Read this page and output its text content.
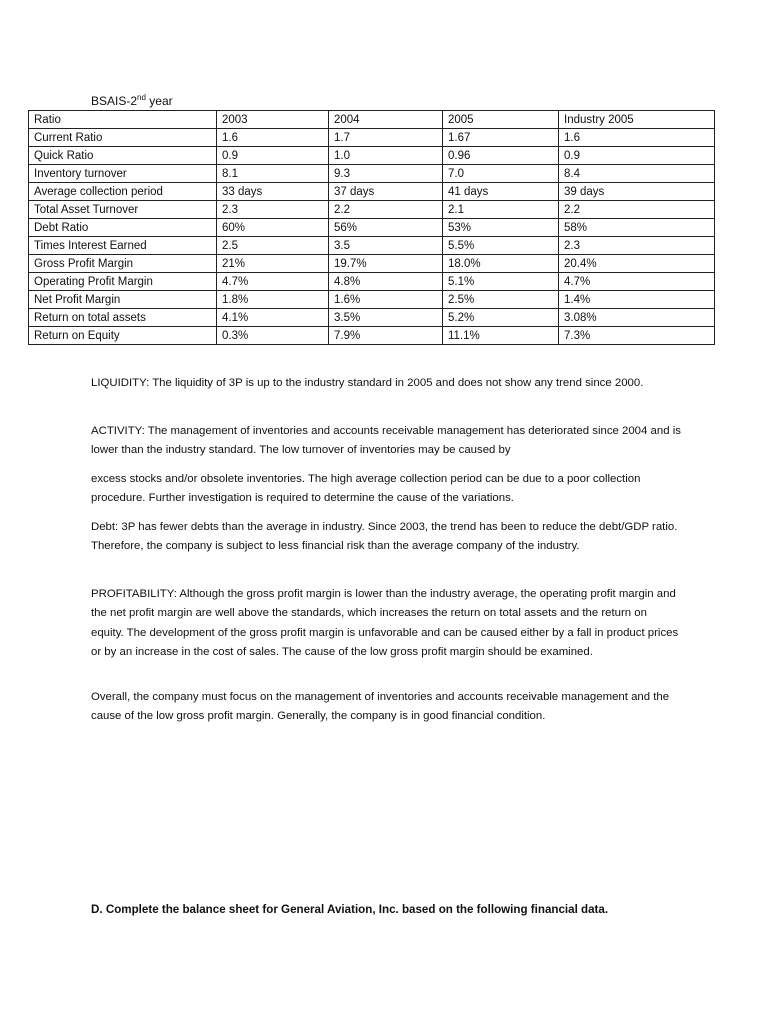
BSAIS-2nd year
Ratio	2003	2004	2005	Industry 2005
Current Ratio	1.6	1.7	1.67	1.6
Quick Ratio	0.9	1.0	0.96	0.9
Inventory turnover	8.1	9.3	7.0	8.4
Average collection period	33 days	37 days	41 days	39 days
Total Asset Turnover	2.3	2.2	2.1	2.2
Debt Ratio	60%	56%	53%	58%
Times Interest Earned	2.5	3.5	5.5%	2.3
Gross Profit Margin	21%	19.7%	18.0%	20.4%
Operating Profit Margin	4.7%	4.8%	5.1%	4.7%
Net Profit Margin	1.8%	1.6%	2.5%	1.4%
Return on total assets	4.1%	3.5%	5.2%	3.08%
Return on Equity	0.3%	7.9%	11.1%	7.3%

LIQUIDITY: The liquidity of 3P is up to the industry standard in 2005 and does not show any trend since 2000.

ACTIVITY: The management of inventories and accounts receivable management has deteriorated since 2004 and is lower than the industry standard. The low turnover of inventories may be caused by

excess stocks and/or obsolete inventories. The high average collection period can be due to a poor collection procedure. Further investigation is required to determine the cause of the variations.

Debt: 3P has fewer debts than the average in industry. Since 2003, the trend has been to reduce the debt/GDP ratio. Therefore, the company is subject to less financial risk than the average company of the industry.

PROFITABILITY: Although the gross profit margin is lower than the industry average, the operating profit margin and the net profit margin are well above the standards, which increases the return on total assets and the return on equity. The development of the gross profit margin is unfavorable and can be caused either by a fall in product prices or by an increase in the cost of sales. The cause of the low gross profit margin should be examined.

Overall, the company must focus on the management of inventories and accounts receivable management and the cause of the low gross profit margin. Generally, the company is in good financial condition.

D. Complete the balance sheet for General Aviation, Inc. based on the following financial data.
